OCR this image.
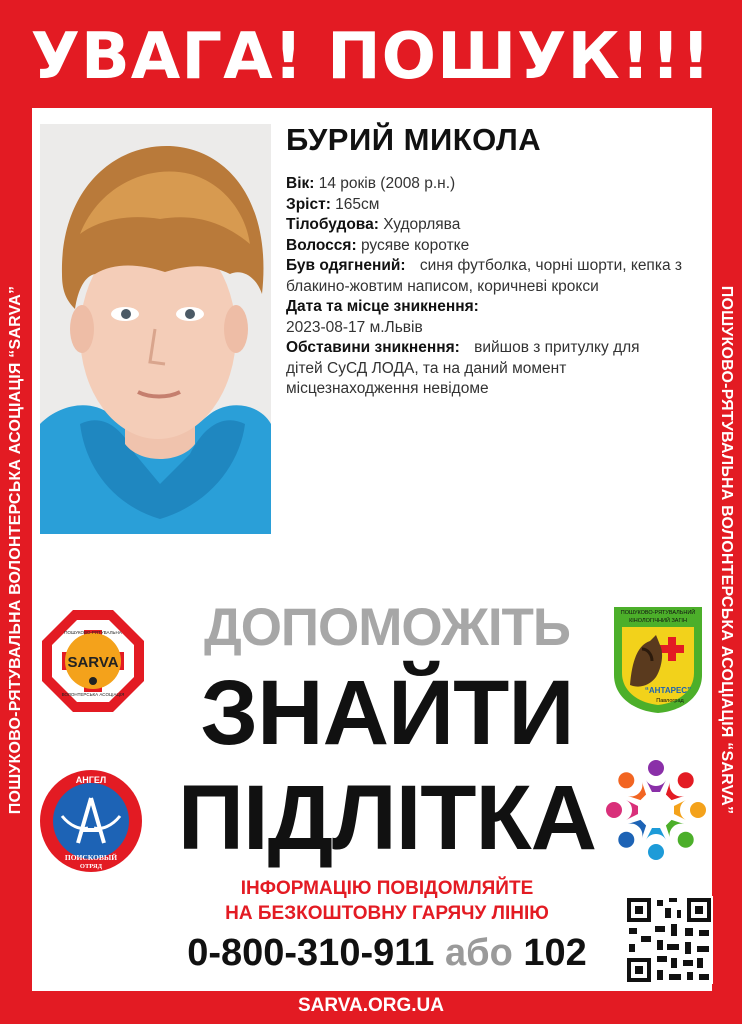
УВАГА! ПОШУК!!!
ПОШУКОВО-РЯТУВАЛЬНА ВОЛОНТЕРСЬКА АСОЦІАЦІЯ “SARVA”	ПОШУКОВО-РЯТУВАЛЬНА ВОЛОНТЕРСЬКА АСОЦІАЦІЯ “SARVA”
БУРИЙ МИКОЛА

Вік: 14 років (2008 р.н.)

Зріст: 165см

Тілобудова: Худорлява

Волосся: русяве коротке

Був одягнений: синя футболка, чорні шорти, кепка з
блакино-жовтим написом, коричневі крокси

Дата та місце зникнення:
2023-08-17 м.Львів

Обставини зникнення: вийшов з притулку для
дітей СуСД ЛОДА, та на даний момент
місцезнаходження невідоме

ДОПОМОЖІТЬ
ЗНАЙТИ
ПІДЛІТКА
SARVA
ПОШУКОВО-РЯТУВАЛЬНА
ВОЛОНТЕРСЬКА АСОЦІАЦІЯ
АНГЕЛ
ПОИСКОВЫЙ
ОТРЯД
ПОШУКОВО-РЯТУВАЛЬНИЙ
КІНОЛОГІЧНИЙ ЗАГІН
“АНТАРЕС”
Павлоград
ІНФОРМАЦІЮ ПОВІДОМЛЯЙТЕ
НА БЕЗКОШТОВНУ ГАРЯЧУ ЛІНІЮ
0-800-310-911 або 102
SARVA.ORG.UA
